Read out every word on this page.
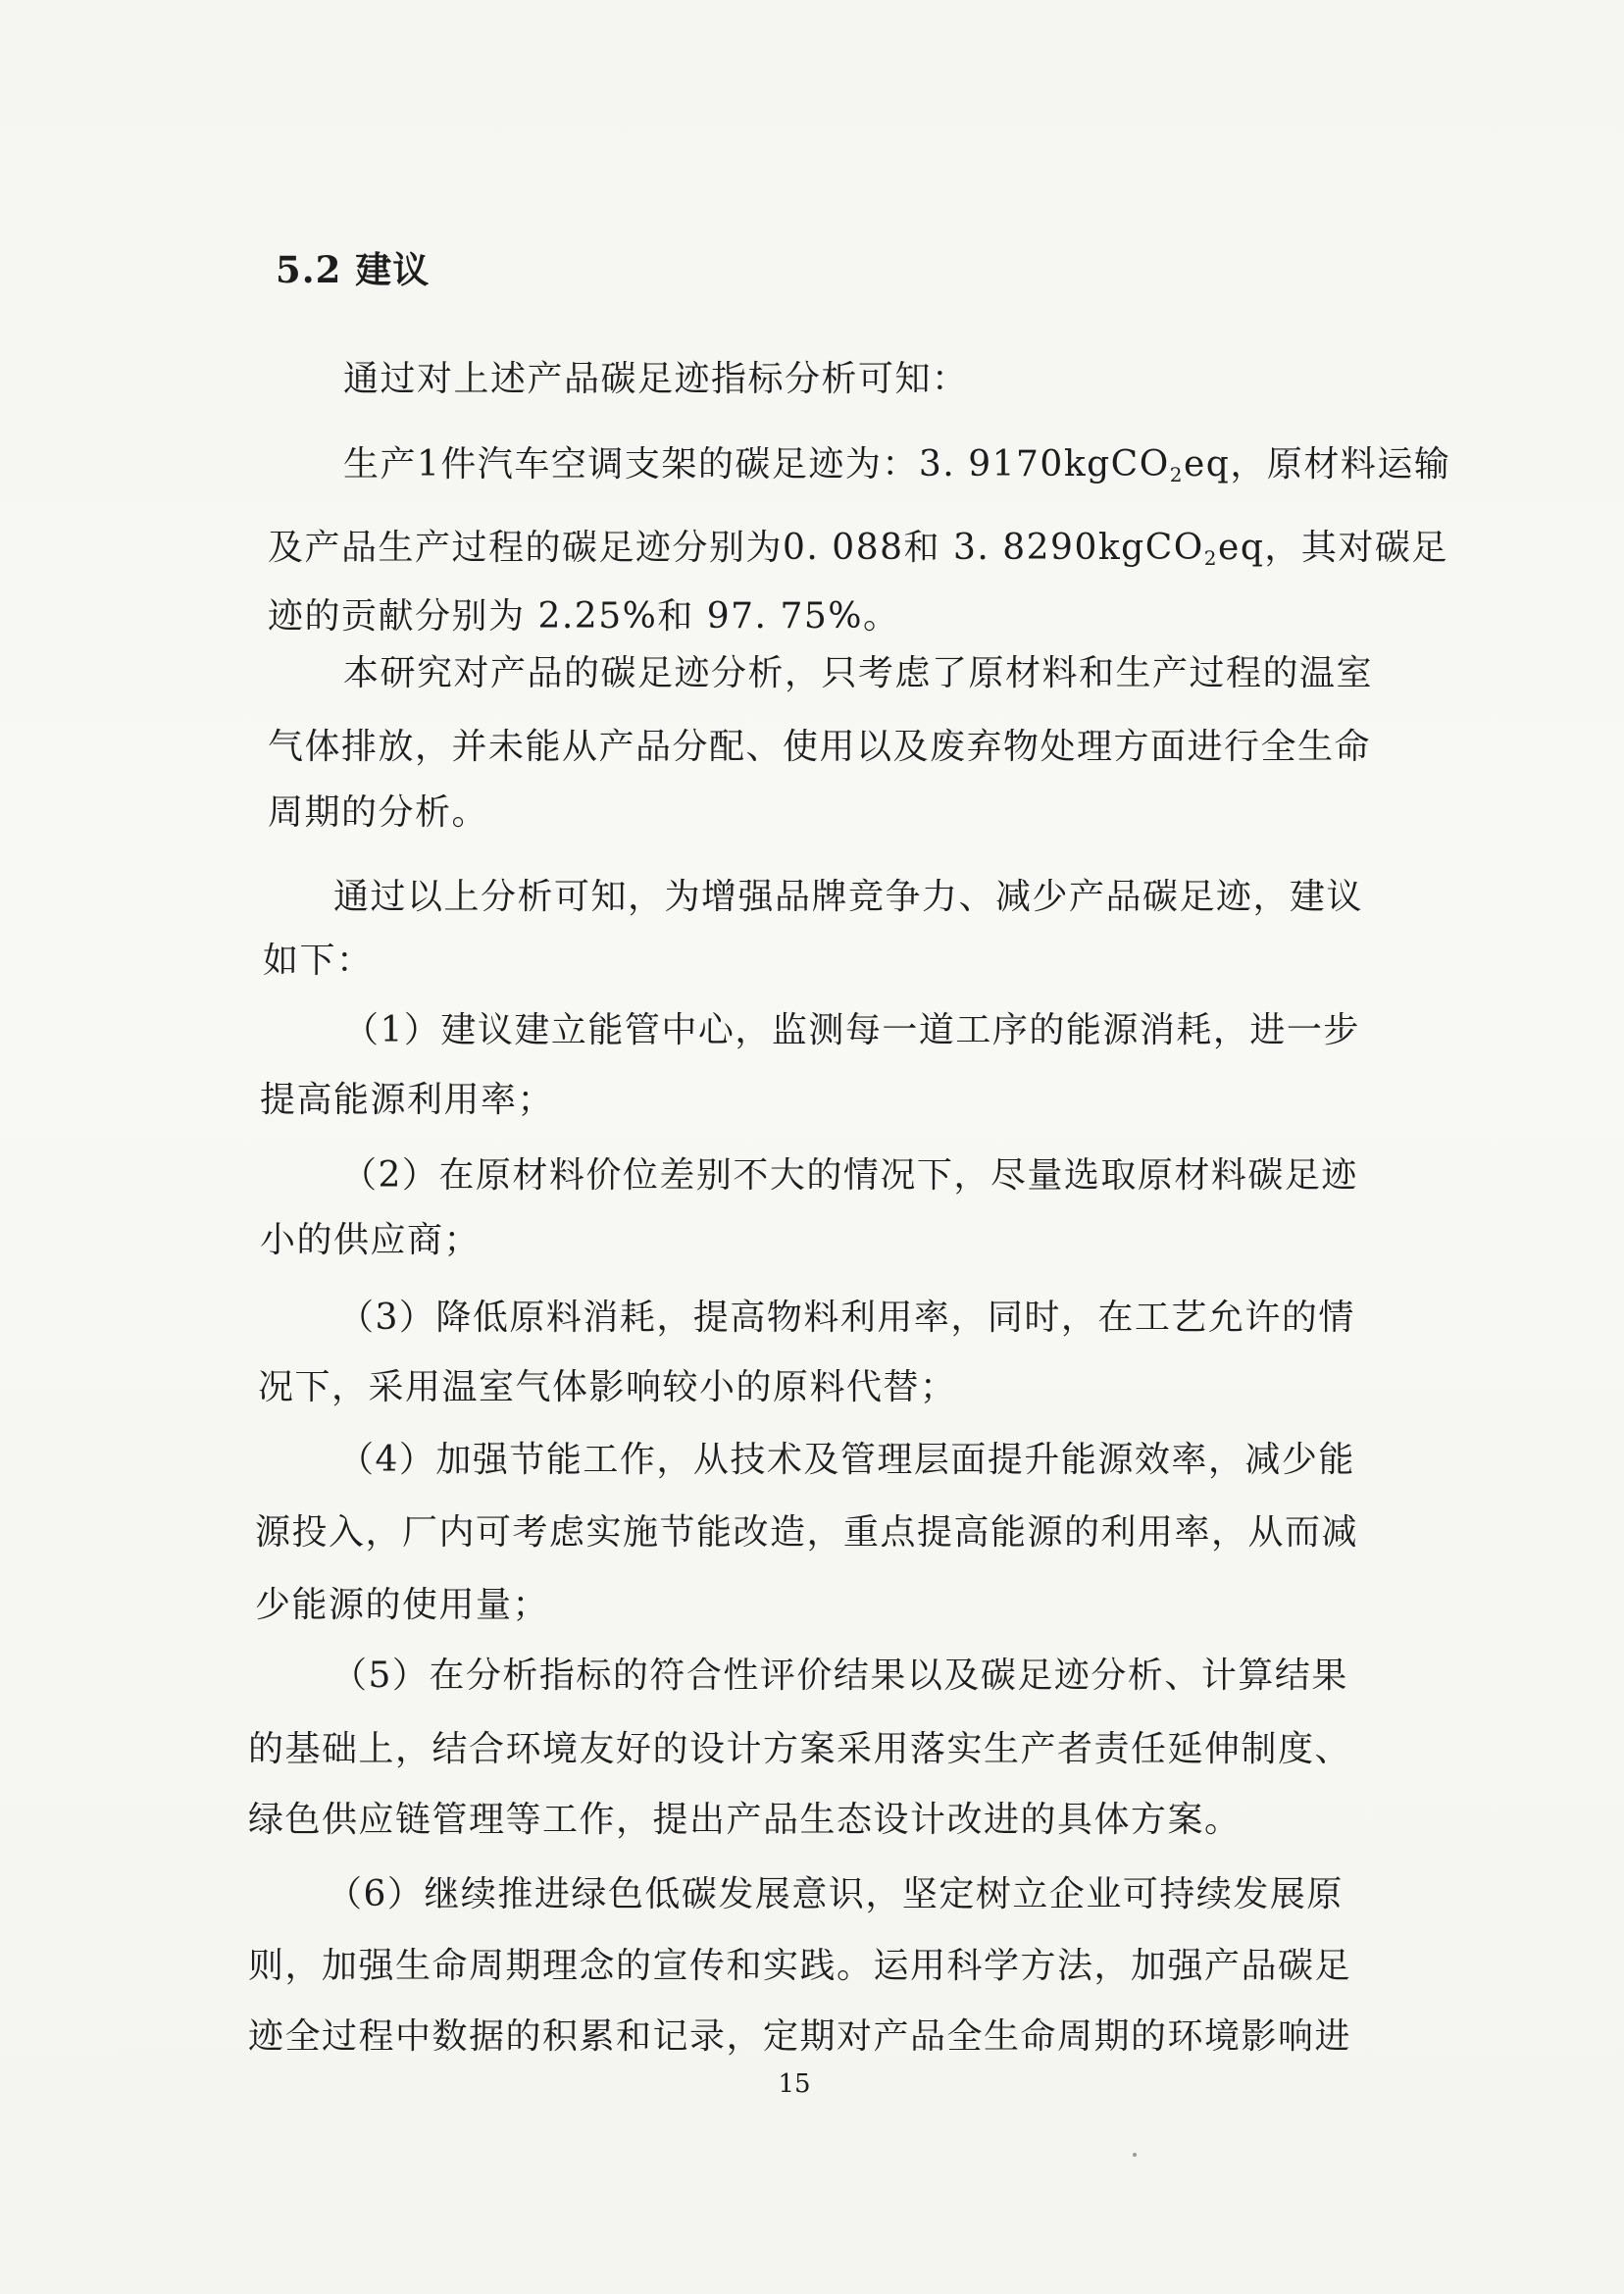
5.2 建议
通过对上述产品碳足迹指标分析可知：
生产1件汽车空调支架的碳足迹为：3. 9170kgCO$_2$eq，原材料运输
及产品生产过程的碳足迹分别为0. 088和 3. 8290kgCO$_2$eq，其对碳足
迹的贡献分别为 2.25%和 97. 75%。
本研究对产品的碳足迹分析，只考虑了原材料和生产过程的温室
气体排放，并未能从产品分配、使用以及废弃物处理方面进行全生命
周期的分析。
通过以上分析可知，为增强品牌竞争力、减少产品碳足迹，建议
如下：
（1）建议建立能管中心，监测每一道工序的能源消耗，进一步
提高能源利用率；
（2）在原材料价位差别不大的情况下，尽量选取原材料碳足迹
小的供应商；
（3）降低原料消耗，提高物料利用率，同时，在工艺允许的情
况下，采用温室气体影响较小的原料代替；
（4）加强节能工作，从技术及管理层面提升能源效率，减少能
源投入，厂内可考虑实施节能改造，重点提高能源的利用率，从而减
少能源的使用量；
（5）在分析指标的符合性评价结果以及碳足迹分析、计算结果
的基础上，结合环境友好的设计方案采用落实生产者责任延伸制度、
绿色供应链管理等工作，提出产品生态设计改进的具体方案。
（6）继续推进绿色低碳发展意识，坚定树立企业可持续发展原
则，加强生命周期理念的宣传和实践。运用科学方法，加强产品碳足
迹全过程中数据的积累和记录，定期对产品全生命周期的环境影响进
15
